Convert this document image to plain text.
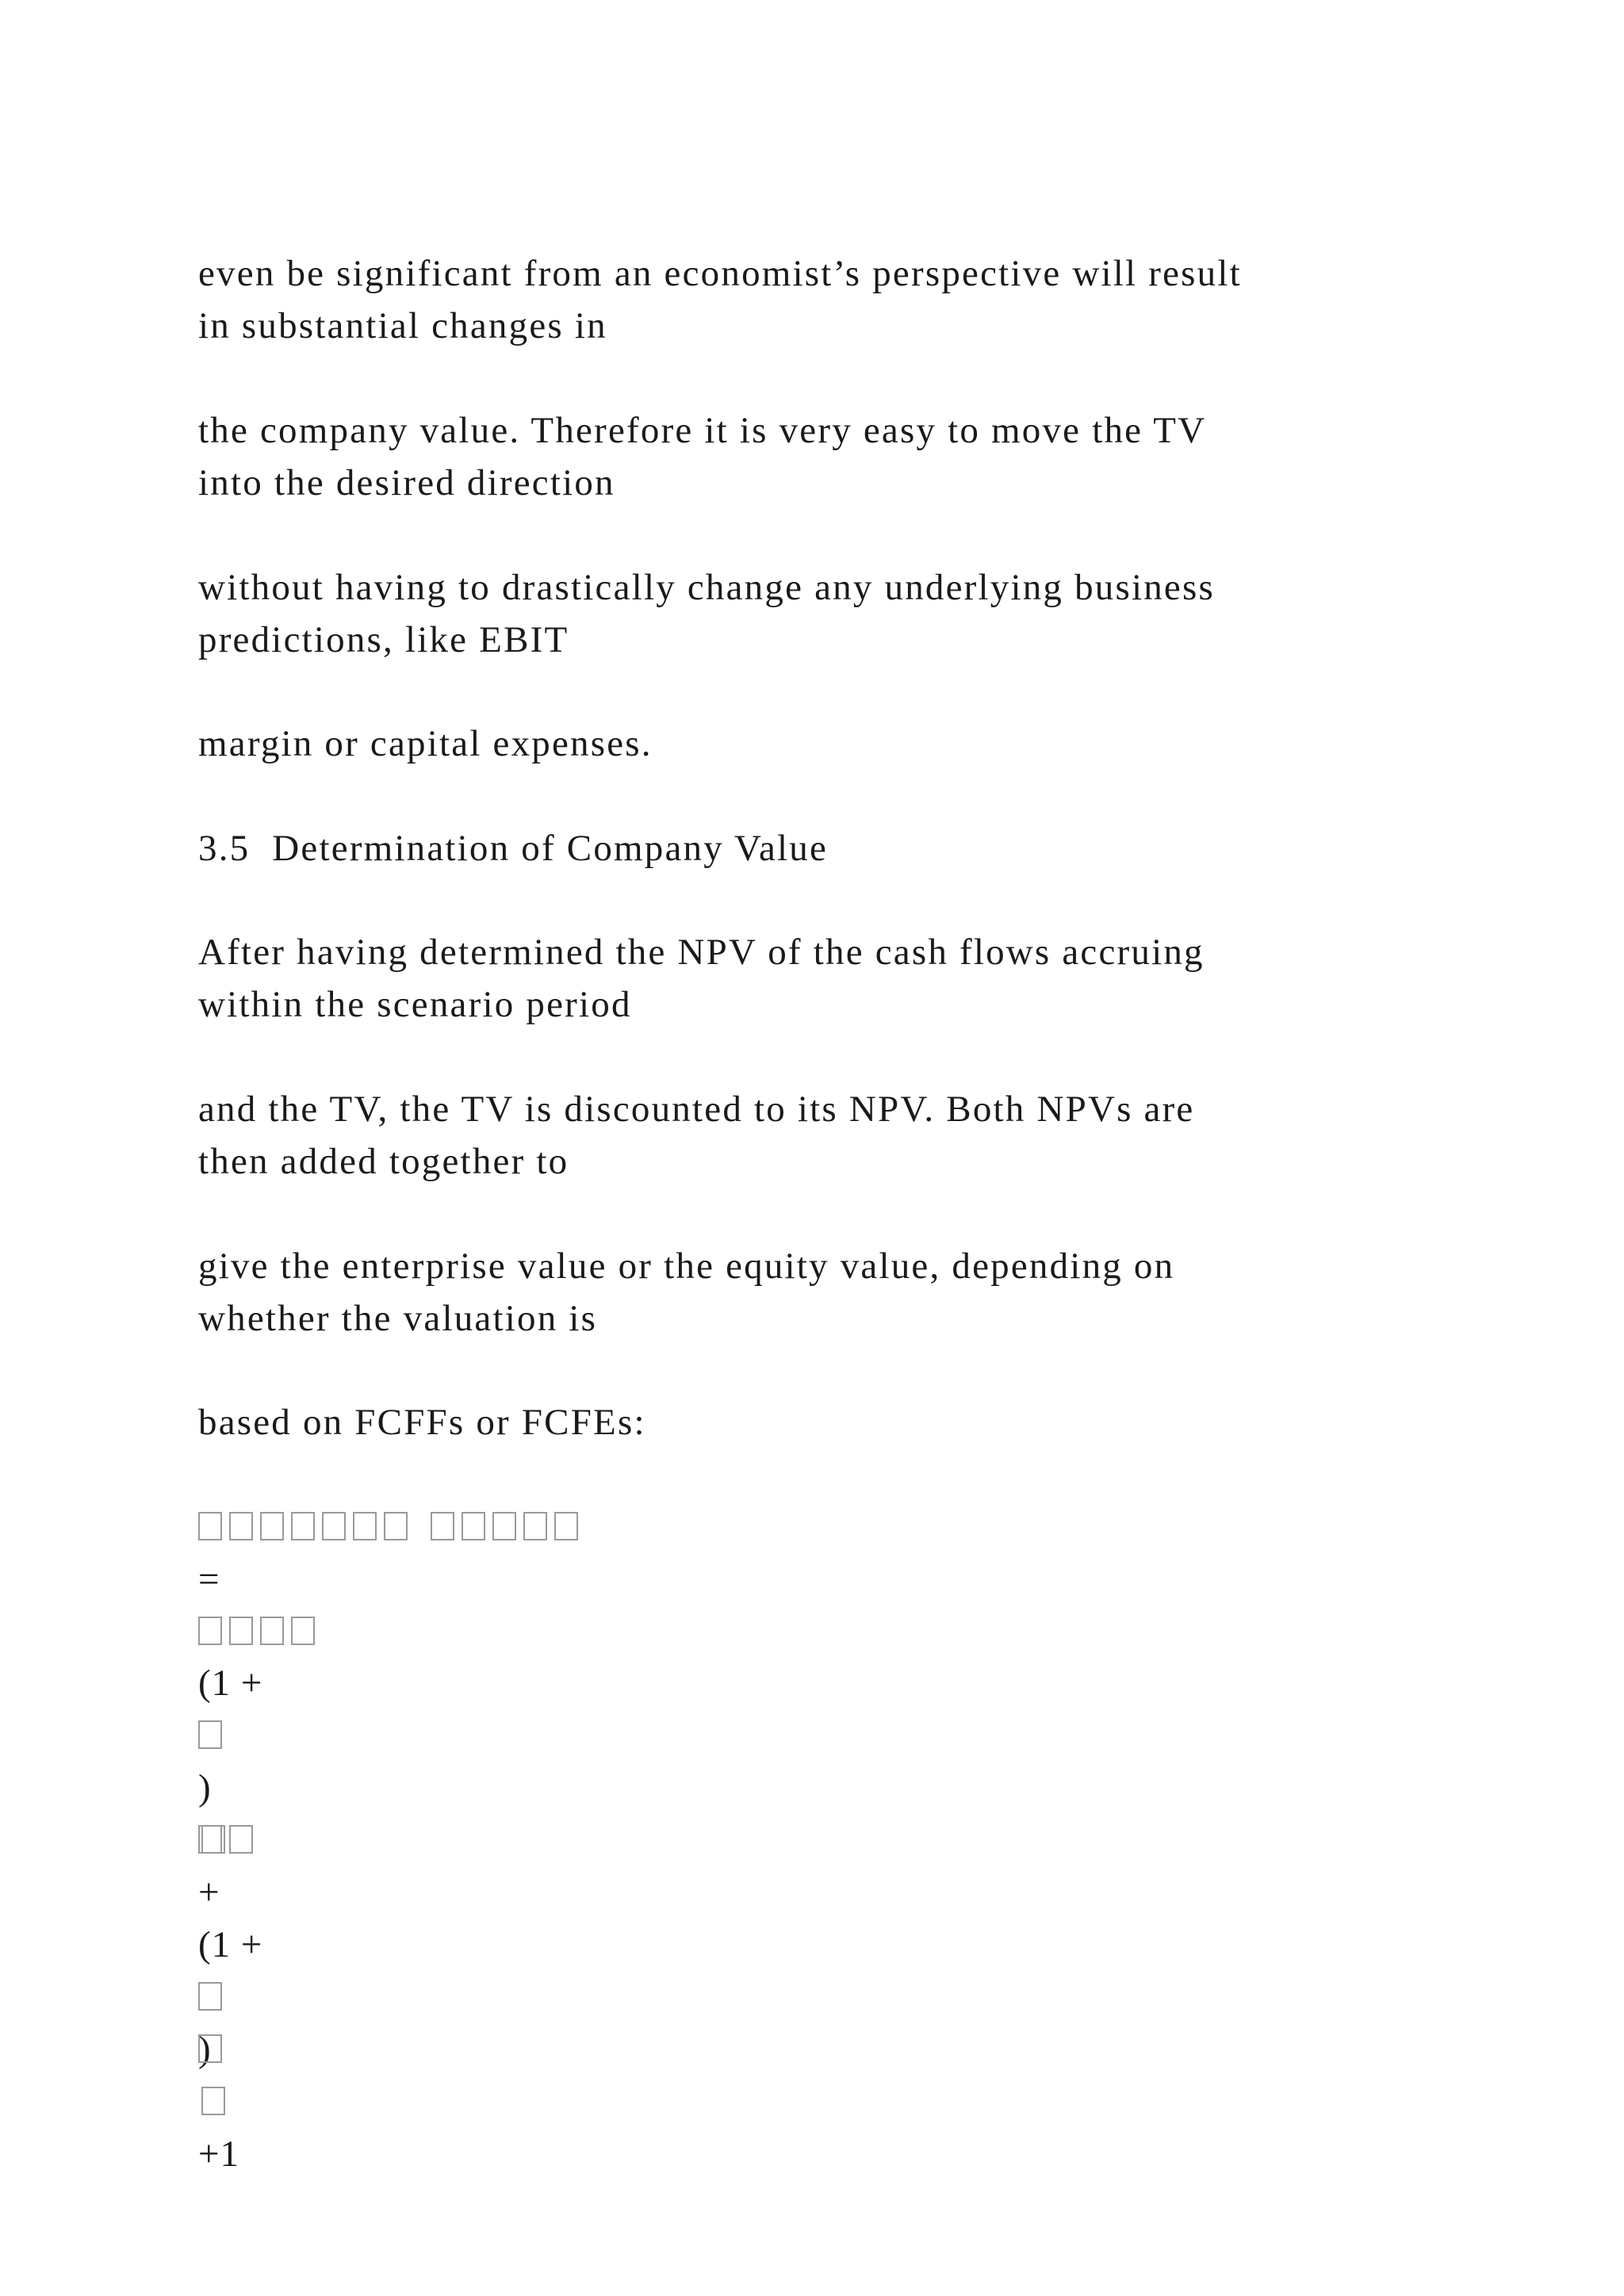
even be significant from an economist’s perspective will result
in substantial changes in

the company value. Therefore it is very easy to move the TV
into the desired direction

without having to drastically change any underlying business
predictions, like EBIT

margin or capital expenses.

3.5  Determination of Company Value

After having determined the NPV of the cash flows accruing
within the scenario period

and the TV, the TV is discounted to its NPV. Both NPVs are
then added together to

give the enterprise value or the equity value, depending on
whether the valuation is

based on FCFFs or FCFEs:

=

(1 +
)
+

(1 +
)
+1
